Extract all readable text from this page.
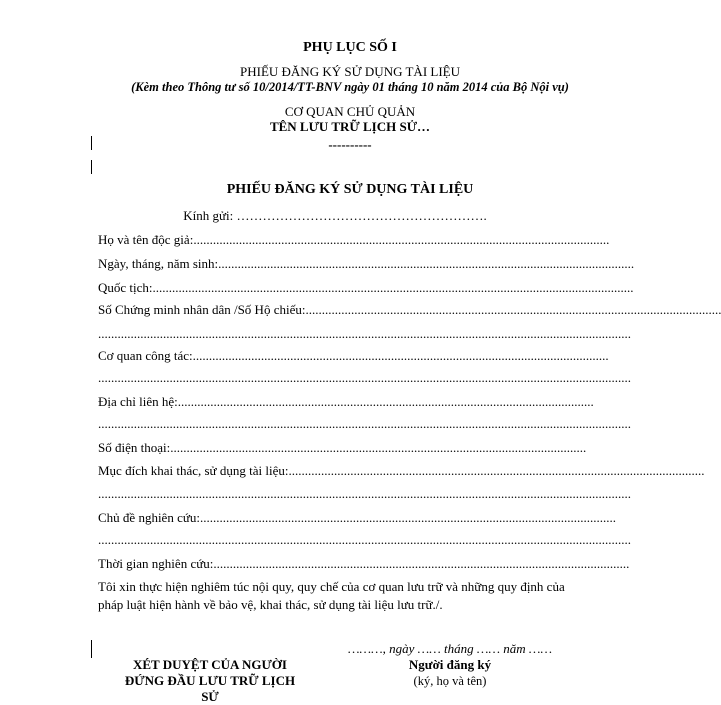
PHỤ LỤC SỐ I
PHIẾU ĐĂNG KÝ SỬ DỤNG TÀI LIỆU
(Kèm theo Thông tư số 10/2014/TT-BNV ngày 01 tháng 10 năm 2014 của Bộ Nội vụ)
CƠ QUAN CHỦ QUẢN
TÊN LƯU TRỮ LỊCH SỬ…
----------
PHIẾU ĐĂNG KÝ SỬ DỤNG TÀI LIỆU
Kính gửi: ………………………………………………….
Họ và tên độc giả:................................................................................................................................
Ngày, tháng, năm sinh:................................................................................................................................
Quốc tịch:....................................................................................................................................................
Số Chứng minh nhân dân /Số Hộ chiếu:................................................................................................................................
....................................................................................................................................................................
Cơ quan công tác:................................................................................................................................
....................................................................................................................................................................
Địa chỉ liên hệ:................................................................................................................................
....................................................................................................................................................................
Số điện thoại:................................................................................................................................
Mục đích khai thác, sử dụng tài liệu:................................................................................................................................
....................................................................................................................................................................
Chủ đề nghiên cứu:................................................................................................................................
....................................................................................................................................................................
Thời gian nghiên cứu:................................................................................................................................
Tôi xin thực hiện nghiêm túc nội quy, quy chế của cơ quan lưu trữ và những quy định của pháp luật hiện hành về bảo vệ, khai thác, sử dụng tài liệu lưu trữ./.
………, ngày …… tháng …… năm ……
XÉT DUYỆT CỦA NGƯỜI
ĐỨNG ĐẦU LƯU TRỮ LỊCH
SỬ
Người đăng ký
(ký, họ và tên)
